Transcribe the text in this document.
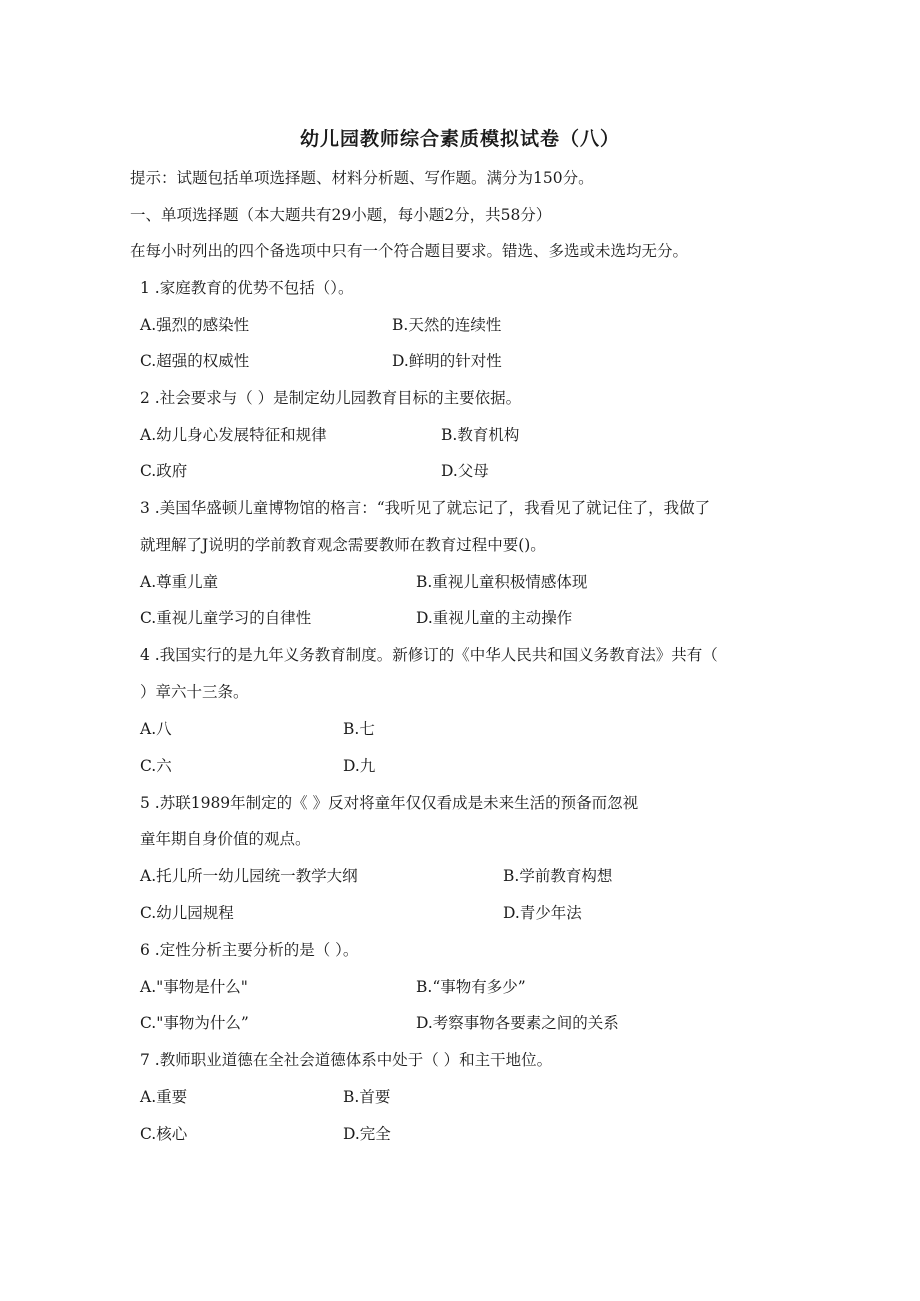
幼儿园教师综合素质模拟试卷（八）

提示：试题包括单项选择题、材料分析题、写作题。满分为150分。

一、单项选择题（本大题共有29小题，每小题2分，共58分）

在每小时列出的四个备选项中只有一个符合题目要求。错选、多选或未选均无分。

1 .家庭教育的优势不包括（）。

A.强烈的感染性	B.天然的连续性

C.超强的权威性	D.鲜明的针对性

2 .社会要求与（ ）是制定幼儿园教育目标的主要依据。

A.幼儿身心发展特征和规律	B.教育机构

C.政府	D.父母

3 .美国华盛顿儿童博物馆的格言：“我听见了就忘记了，我看见了就记住了，我做了

就理解了J说明的学前教育观念需要教师在教育过程中要()。

A.尊重儿童	B.重视儿童积极情感体现

C.重视儿童学习的自律性	D.重视儿童的主动操作

4 .我国实行的是九年义务教育制度。新修订的《中华人民共和国义务教育法》共有（

）章六十三条。

A.八	B.七

C.六	D.九

5 .苏联1989年制定的《 》反对将童年仅仅看成是未来生活的预备而忽视

童年期自身价值的观点。

A.托儿所一幼儿园统一教学大纲	B.学前教育构想

C.幼儿园规程	D.青少年法

6 .定性分析主要分析的是（ ）。

A."事物是什么"	B.“事物有多少”

C."事物为什么”	D.考察事物各要素之间的关系

7 .教师职业道德在全社会道德体系中处于（ ）和主干地位。

A.重要	B.首要

C.核心	D.完全
